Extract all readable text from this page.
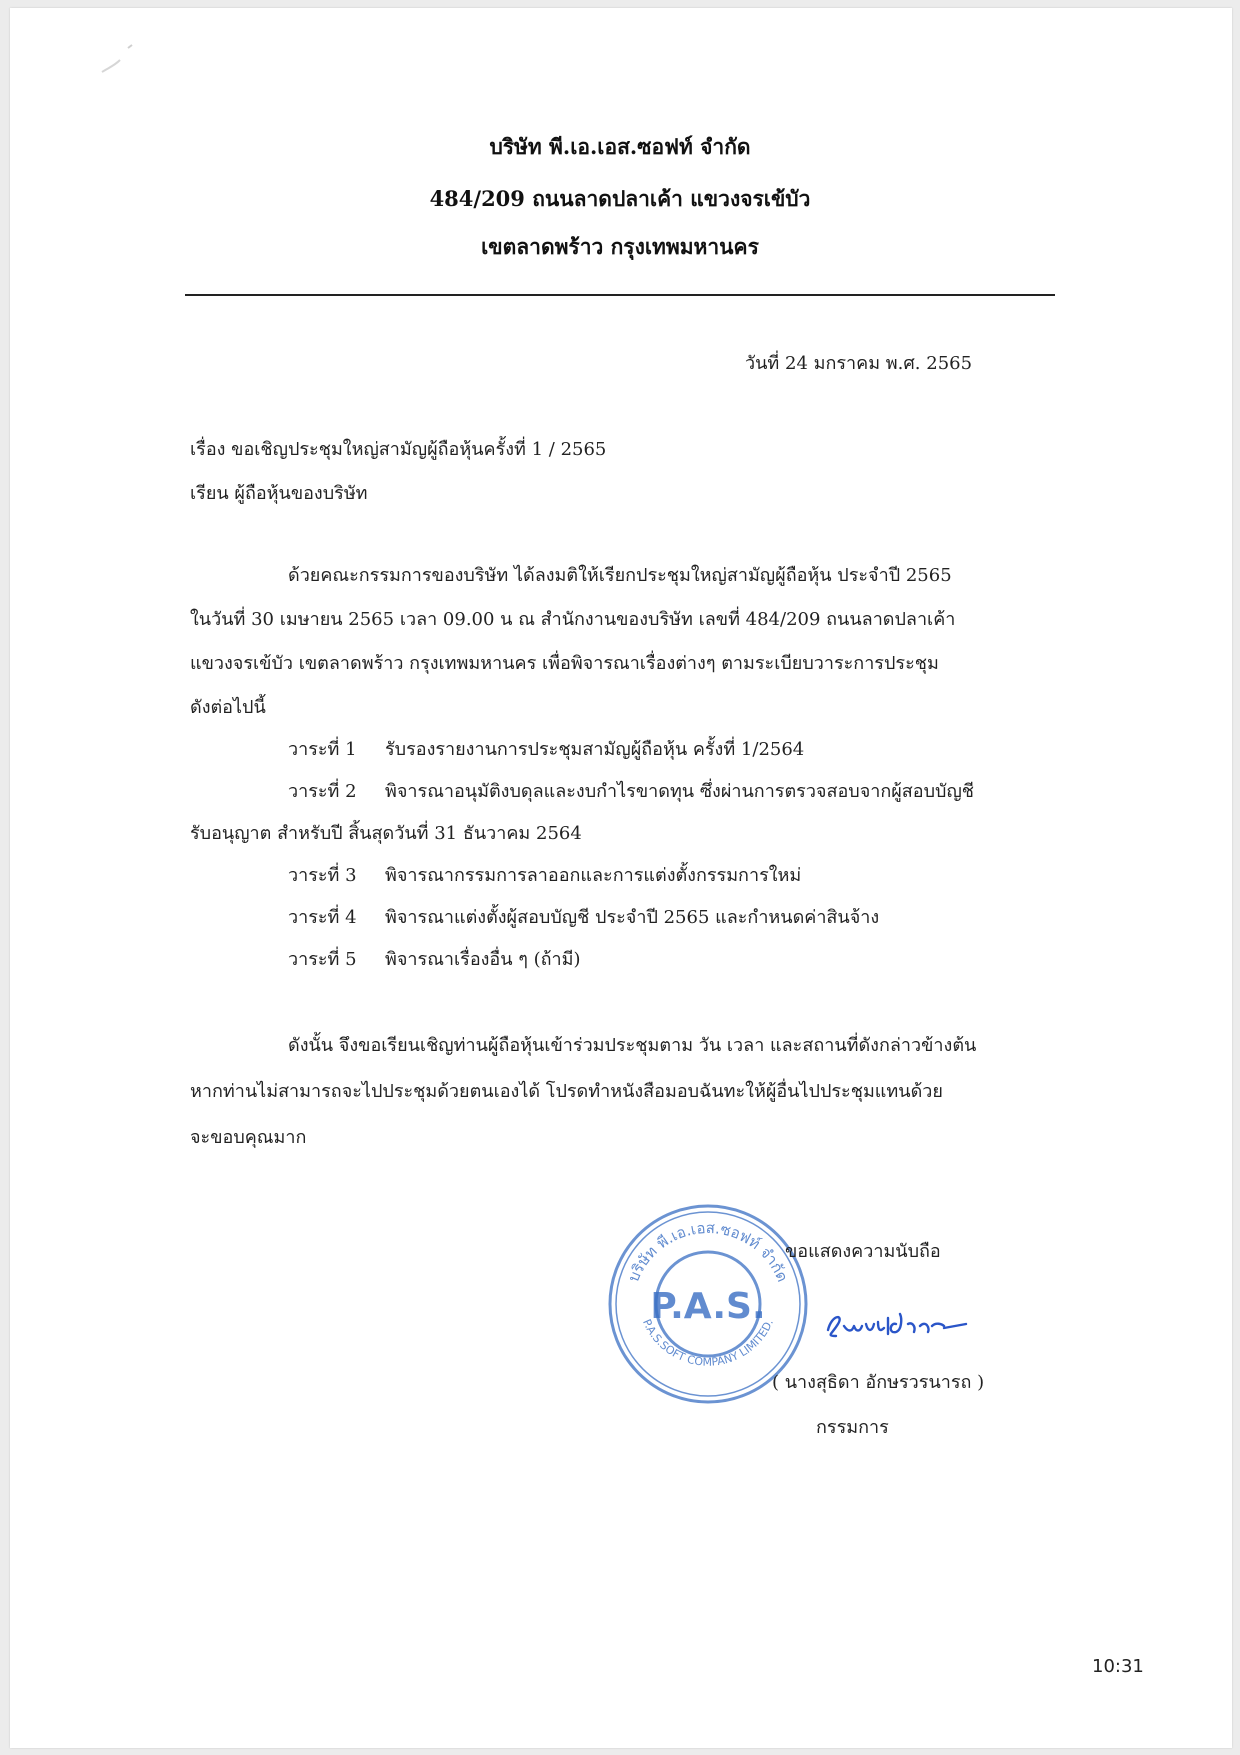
บริษัท พี.เอ.เอส.ซอฟท์ จำกัด

484/209 ถนนลาดปลาเค้า แขวงจรเข้บัว

เขตลาดพร้าว กรุงเทพมหานคร

วันที่ 24 มกราคม พ.ศ. 2565

เรื่อง ขอเชิญประชุมใหญ่สามัญผู้ถือหุ้นครั้งที่ 1 / 2565

เรียน ผู้ถือหุ้นของบริษัท

ด้วยคณะกรรมการของบริษัท ได้ลงมติให้เรียกประชุมใหญ่สามัญผู้ถือหุ้น ประจำปี 2565

ในวันที่ 30 เมษายน 2565 เวลา 09.00 น ณ สำนักงานของบริษัท เลขที่ 484/209 ถนนลาดปลาเค้า

แขวงจรเข้บัว เขตลาดพร้าว กรุงเทพมหานคร เพื่อพิจารณาเรื่องต่างๆ ตามระเบียบวาระการประชุม

ดังต่อไปนี้

วาระที่ 1 รับรองรายงานการประชุมสามัญผู้ถือหุ้น ครั้งที่ 1/2564

วาระที่ 2 พิจารณาอนุมัติงบดุลและงบกำไรขาดทุน ซึ่งผ่านการตรวจสอบจากผู้สอบบัญชี

รับอนุญาต สำหรับปี สิ้นสุดวันที่ 31 ธันวาคม 2564

วาระที่ 3 พิจารณากรรมการลาออกและการแต่งตั้งกรรมการใหม่

วาระที่ 4 พิจารณาแต่งตั้งผู้สอบบัญชี ประจำปี 2565 และกำหนดค่าสินจ้าง

วาระที่ 5 พิจารณาเรื่องอื่น ๆ (ถ้ามี)

ดังนั้น จึงขอเรียนเชิญท่านผู้ถือหุ้นเข้าร่วมประชุมตาม วัน เวลา และสถานที่ดังกล่าวข้างต้น

หากท่านไม่สามารถจะไปประชุมด้วยตนเองได้ โปรดทำหนังสือมอบฉันทะให้ผู้อื่นไปประชุมแทนด้วย

จะขอบคุณมาก

บริษัท พี.เอ.เอส.ซอฟท์ จำกัด
P.A.S.SOFT COMPANY LIMITED.
P.A.S.

ขอแสดงความนับถือ

( นางสุธิดา อักษรวรนารถ )

กรรมการ

10:31
